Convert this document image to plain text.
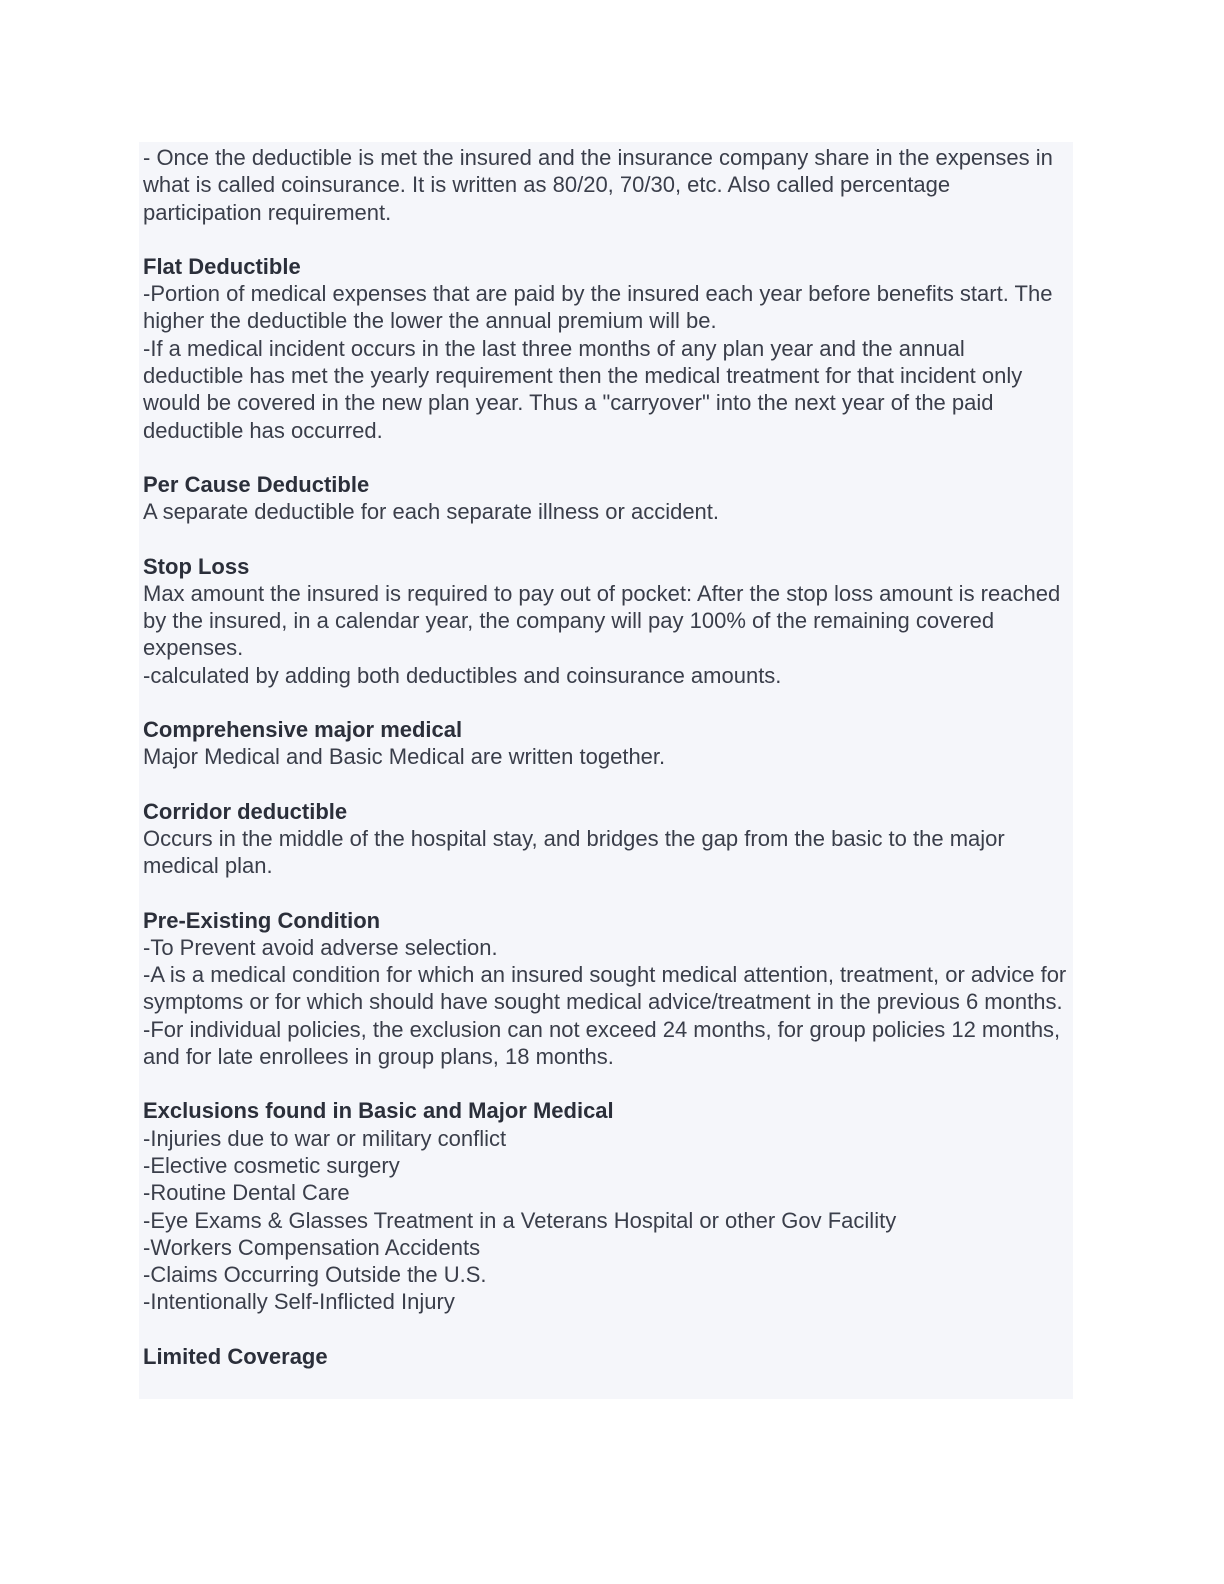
- Once the deductible is met the insured and the insurance company share in the expenses in what is called coinsurance. It is written as 80/20, 70/30, etc. Also called percentage participation requirement.

Flat Deductible

-Portion of medical expenses that are paid by the insured each year before benefits start. The higher the deductible the lower the annual premium will be.

-If a medical incident occurs in the last three months of any plan year and the annual deductible has met the yearly requirement then the medical treatment for that incident only would be covered in the new plan year. Thus a "carryover" into the next year of the paid deductible has occurred.

Per Cause Deductible

A separate deductible for each separate illness or accident.

Stop Loss

Max amount the insured is required to pay out of pocket: After the stop loss amount is reached by the insured, in a calendar year, the company will pay 100% of the remaining covered expenses.

-calculated by adding both deductibles and coinsurance amounts.

Comprehensive major medical

Major Medical and Basic Medical are written together.

Corridor deductible

Occurs in the middle of the hospital stay, and bridges the gap from the basic to the major medical plan.

Pre-Existing Condition

-To Prevent avoid adverse selection.

-A is a medical condition for which an insured sought medical attention, treatment, or advice for symptoms or for which should have sought medical advice/treatment in the previous 6 months.

-For individual policies, the exclusion can not exceed 24 months, for group policies 12 months, and for late enrollees in group plans, 18 months.

Exclusions found in Basic and Major Medical

-Injuries due to war or military conflict

-Elective cosmetic surgery

-Routine Dental Care

-Eye Exams & Glasses Treatment in a Veterans Hospital or other Gov Facility

-Workers Compensation Accidents

-Claims Occurring Outside the U.S.

-Intentionally Self-Inflicted Injury

Limited Coverage
